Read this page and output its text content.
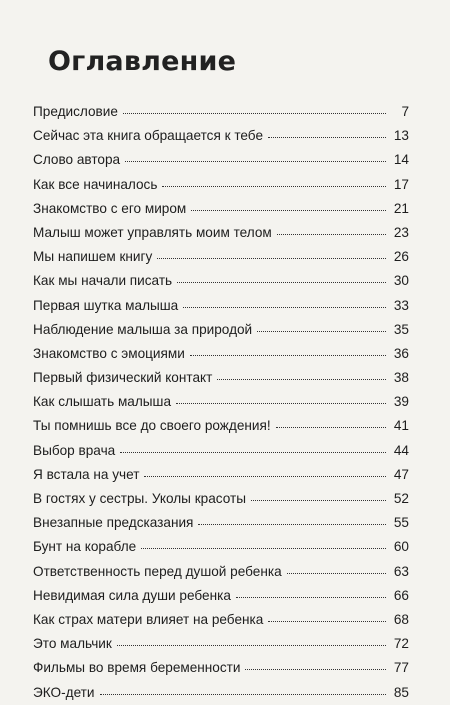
Оглавление
Предисловие	7
Сейчас эта книга обращается к тебе	13
Слово автора	14
Как все начиналось	17
Знакомство с его миром	21
Малыш может управлять моим телом	23
Мы напишем книгу	26
Как мы начали писать	30
Первая шутка малыша	33
Наблюдение малыша за природой	35
Знакомство с эмоциями	36
Первый физический контакт	38
Как слышать малыша	39
Ты помнишь все до своего рождения!	41
Выбор врача	44
Я встала на учет	47
В гостях у сестры. Уколы красоты	52
Внезапные предсказания	55
Бунт на корабле	60
Ответственность перед душой ребенка	63
Невидимая сила души ребенка	66
Как страх матери влияет на ребенка	68
Это мальчик	72
Фильмы во время беременности	77
ЭКО-дети	85
